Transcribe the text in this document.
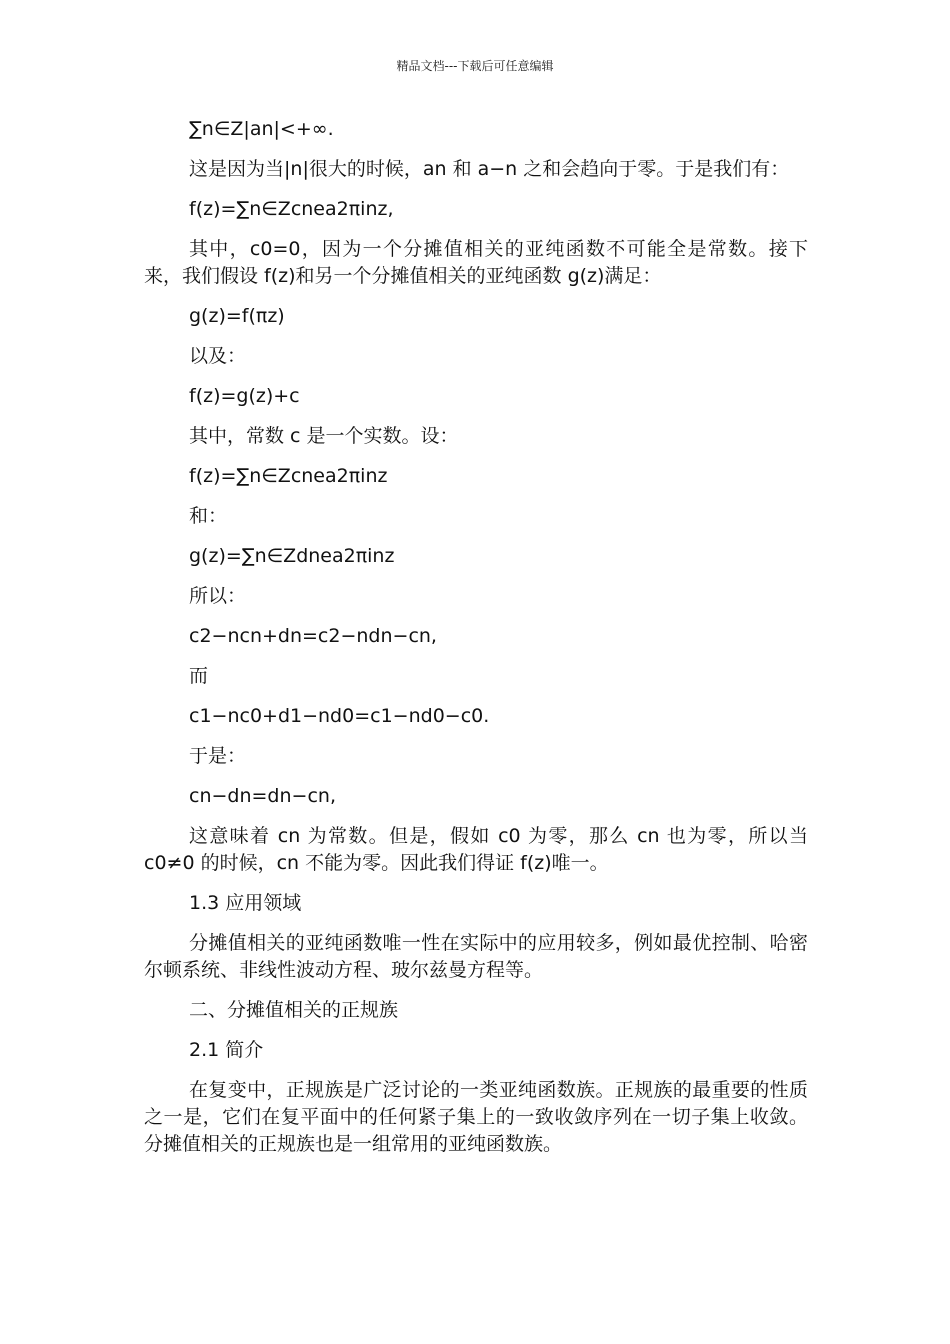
精品文档---下载后可任意编辑

∑n∈Z|an|<+∞.

这是因为当|n|很大的时候，an 和 a−n 之和会趋向于零。于是我们有：

f(z)=∑n∈Zcnea2πinz,

其中，c0=0，因为一个分摊值相关的亚纯函数不可能全是常数。接下来，我们假设 f(z)和另一个分摊值相关的亚纯函数 g(z)满足：

g(z)=f(πz)

以及：

f(z)=g(z)+c

其中，常数 c 是一个实数。设：

f(z)=∑n∈Zcnea2πinz

和：

g(z)=∑n∈Zdnea2πinz

所以：

c2−ncn+dn=c2−ndn−cn,

而

c1−nc0+d1−nd0=c1−nd0−c0.

于是：

cn−dn=dn−cn,

这意味着 cn 为常数。但是，假如 c0 为零，那么 cn 也为零，所以当 c0≠0 的时候，cn 不能为零。因此我们得证 f(z)唯一。

1.3 应用领域

分摊值相关的亚纯函数唯一性在实际中的应用较多，例如最优控制、哈密尔顿系统、非线性波动方程、玻尔兹曼方程等。

二、分摊值相关的正规族

2.1 简介

在复变中，正规族是广泛讨论的一类亚纯函数族。正规族的最重要的性质之一是，它们在复平面中的任何紧子集上的一致收敛序列在一切子集上收敛。分摊值相关的正规族也是一组常用的亚纯函数族。
